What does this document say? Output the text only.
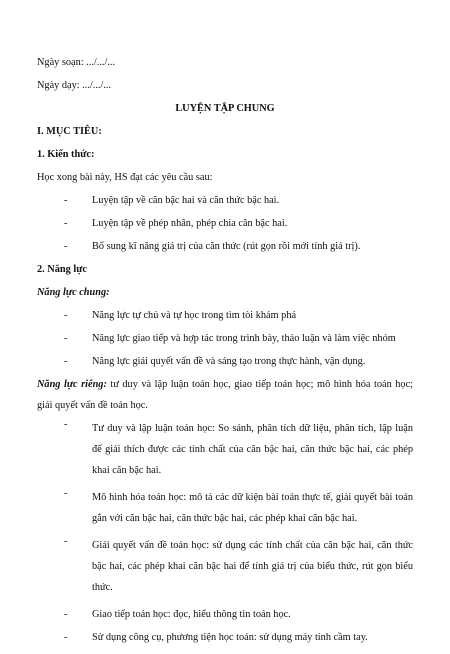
Ngày soạn: .../.../...

Ngày dạy: .../.../...

LUYỆN TẬP CHUNG

I. MỤC TIÊU:

1. Kiến thức:

Học xong bài này, HS đạt các yêu cầu sau:

- Luyện tập về căn bậc hai và căn thức bậc hai.
- Luyện tập về phép nhân, phép chia căn bậc hai.
- Bổ sung kĩ năng giá trị của căn thức (rút gọn rồi mới tính giá trị).

2. Năng lực

Năng lực chung:

- Năng lực tự chủ và tự học trong tìm tòi khám phá
- Năng lực giao tiếp và hợp tác trong trình bày, thảo luận và làm việc nhóm
- Năng lực giải quyết vấn đề và sáng tạo trong thực hành, vận dụng.

Năng lực riêng: tư duy và lập luận toán học, giao tiếp toán học; mô hình hóa toán học; giải quyết vấn đề toán học.

- Tư duy và lập luận toán học: So sánh, phân tích dữ liệu, phân tích, lập luận để giải thích được các tính chất của căn bậc hai, căn thức bậc hai, các phép khai căn bậc hai.
- Mô hình hóa toán học: mô tả các dữ kiện bài toán thực tế, giải quyết bài toán gắn với căn bậc hai, căn thức bậc hai, các phép khai căn bậc hai.
- Giải quyết vấn đề toán học: sử dụng các tính chất của căn bậc hai, căn thức bậc hai, các phép khai căn bậc hai để tính giá trị của biểu thức, rút gọn biểu thức.
- Giao tiếp toán học: đọc, hiểu thông tin toán học.
- Sử dụng công cụ, phương tiện học toán: sử dụng máy tính cầm tay.
